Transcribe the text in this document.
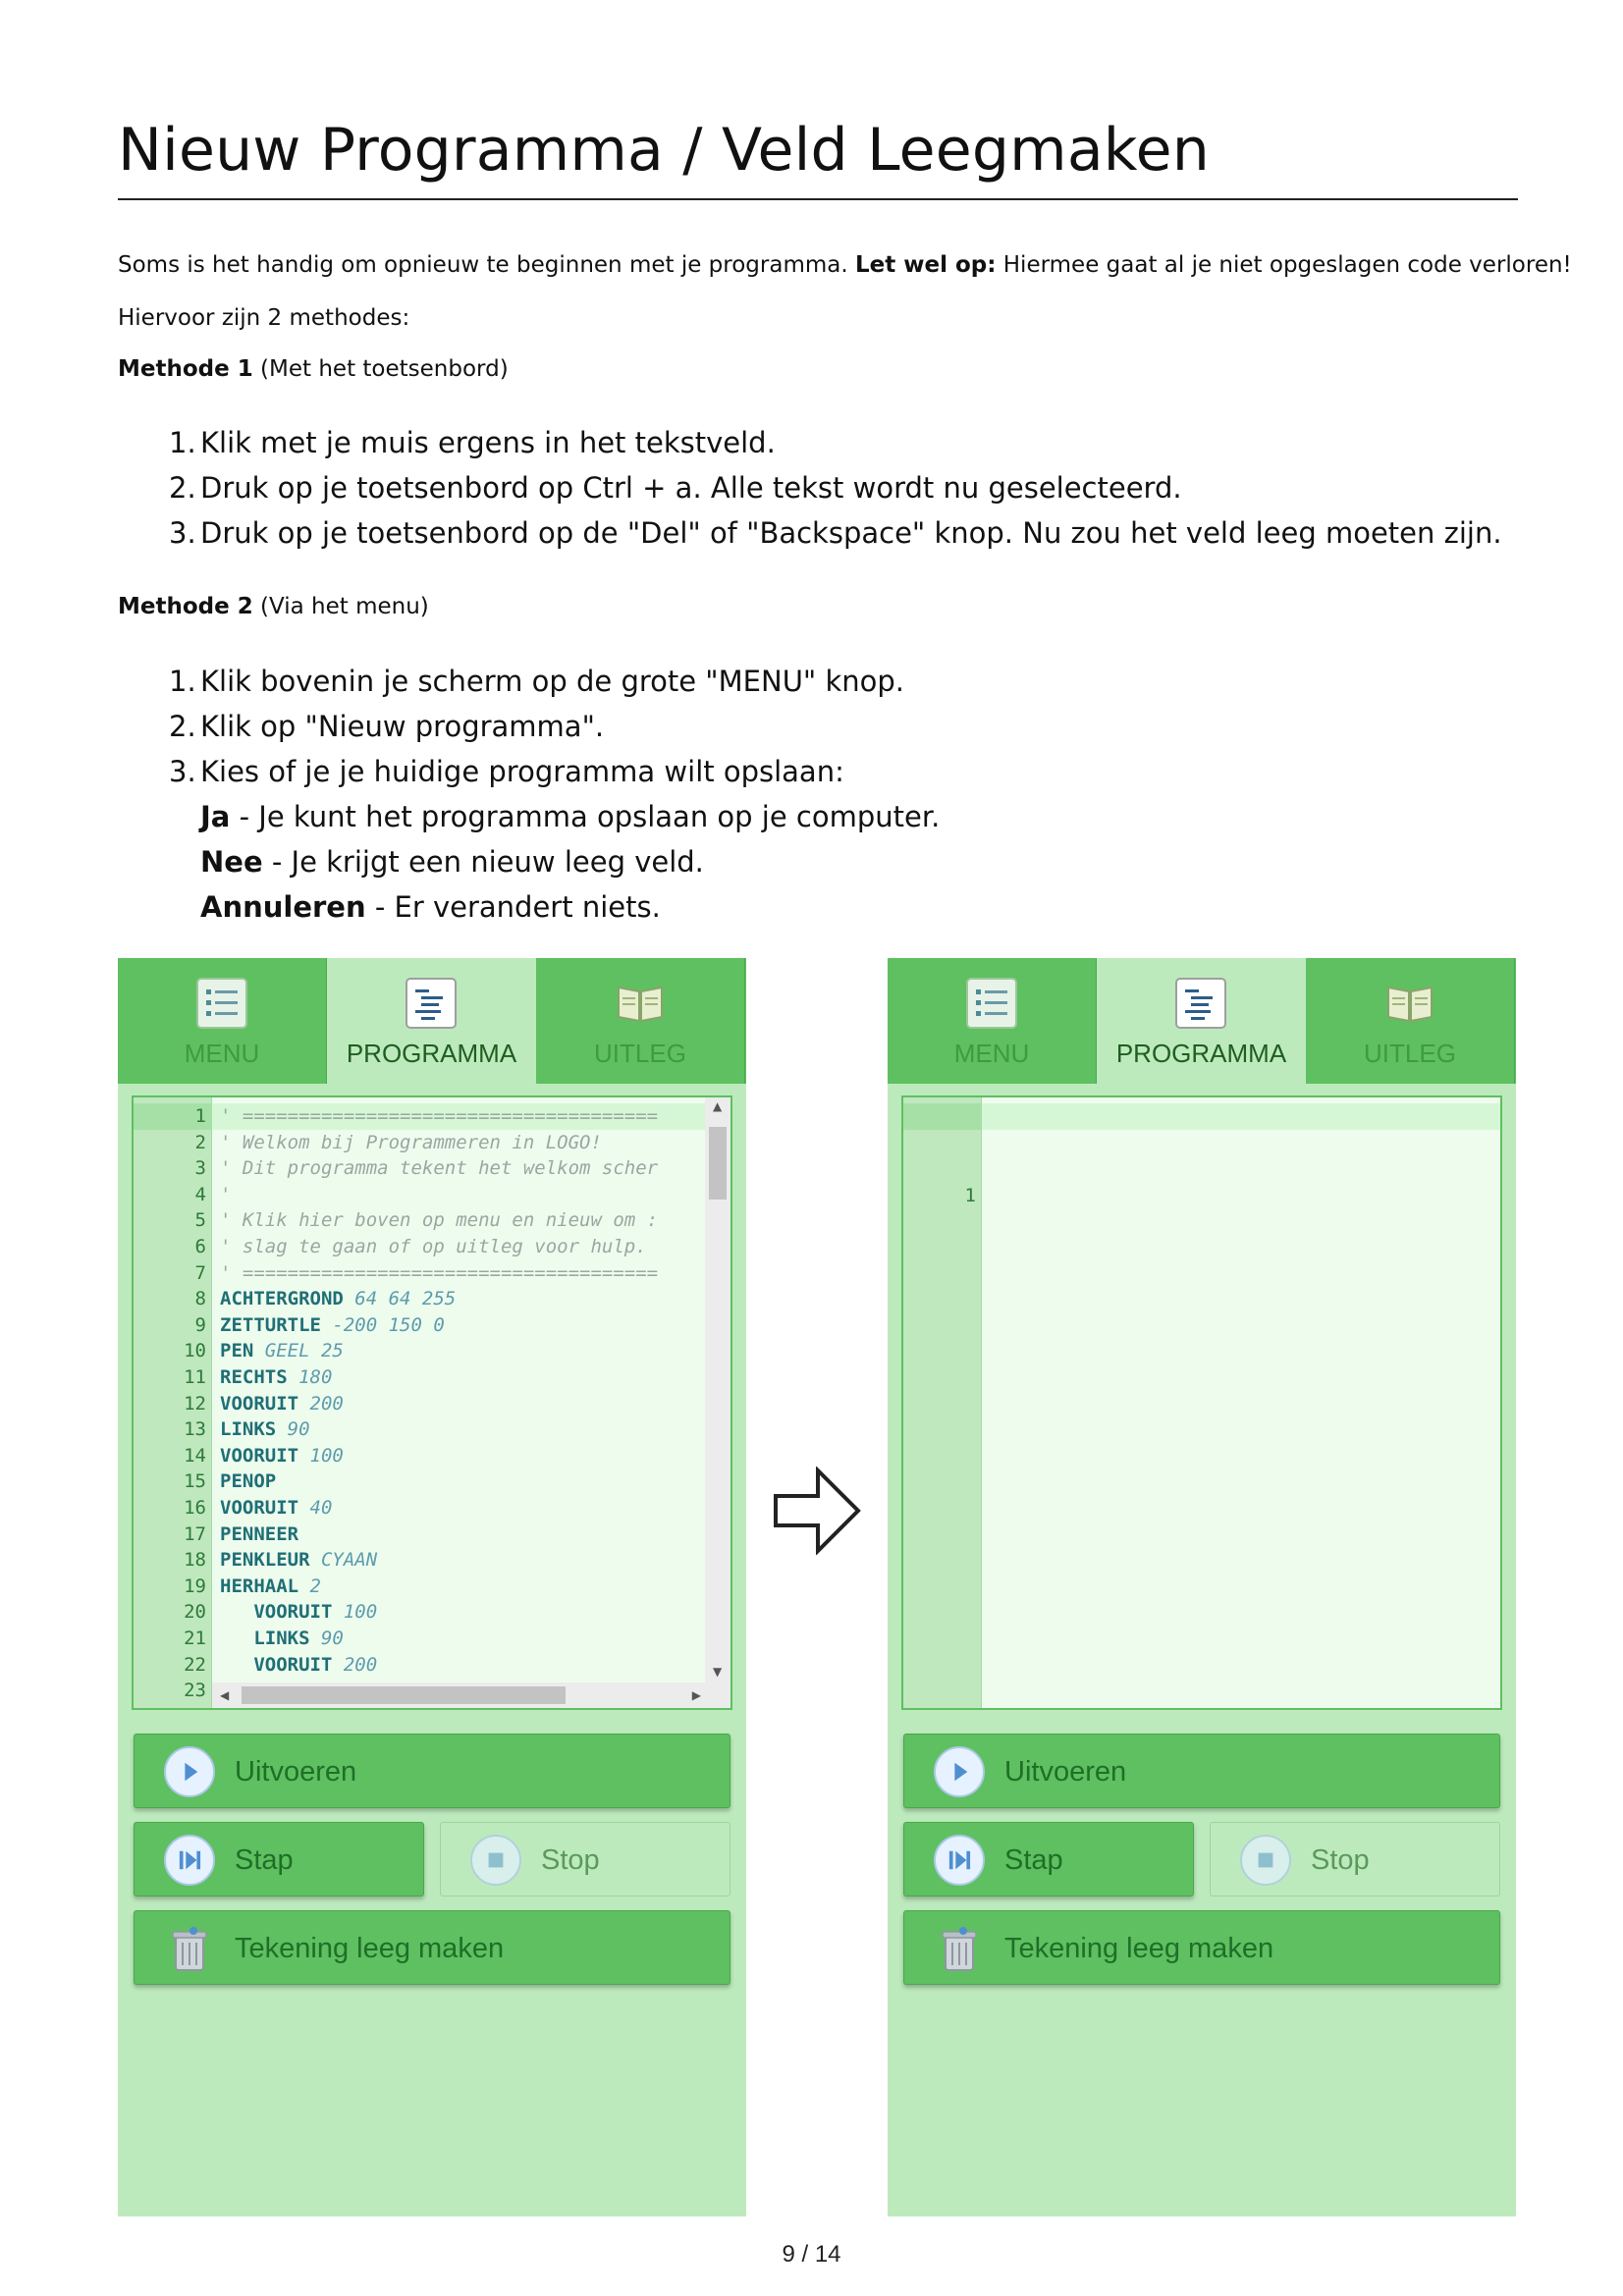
Nieuw Programma / Veld Leegmaken
Soms is het handig om opnieuw te beginnen met je programma. Let wel op: Hiermee gaat al je niet opgeslagen code verloren!
Hiervoor zijn 2 methodes:
Methode 1 (Met het toetsenbord)
1. Klik met je muis ergens in het tekstveld.
2. Druk op je toetsenbord op Ctrl + a. Alle tekst wordt nu geselecteerd.
3. Druk op je toetsenbord op de "Del" of "Backspace" knop. Nu zou het veld leeg moeten zijn.
Methode 2 (Via het menu)
1. Klik bovenin je scherm op de grote "MENU" knop.
2. Klik op "Nieuw programma".
3. Kies of je je huidige programma wilt opslaan:
Ja - Je kunt het programma opslaan op je computer.
Nee - Je krijgt een nieuw leeg veld.
Annuleren - Er verandert niets.
MENU	PROGRAMMA	UITLEG
1 ' =====================================
2 ' Welkom bij Programmeren in LOGO!
3 ' Dit programma tekent het welkom scher
4 '
5 ' Klik hier boven op menu en nieuw om :
6 ' slag te gaan of op uitleg voor hulp.
7 ' =====================================
8 ACHTERGROND 64 64 255
9 ZETTURTLE -200 150 0
10 PEN GEEL 25
11 RECHTS 180
12 VOORUIT 200
13 LINKS 90
14 VOORUIT 100
15 PENOP
16 VOORUIT 40
17 PENNEER
18 PENKLEUR CYAAN
19 HERHAAL 2
20	VOORUIT 100
21	LINKS 90
22	VOORUIT 200
23
▲
▼
◀	▶
Uitvoeren
Stap	Stop
Tekening leeg maken
MENU	PROGRAMMA	UITLEG

1

Uitvoeren
Stap	Stop
Tekening leeg maken
9 / 14
